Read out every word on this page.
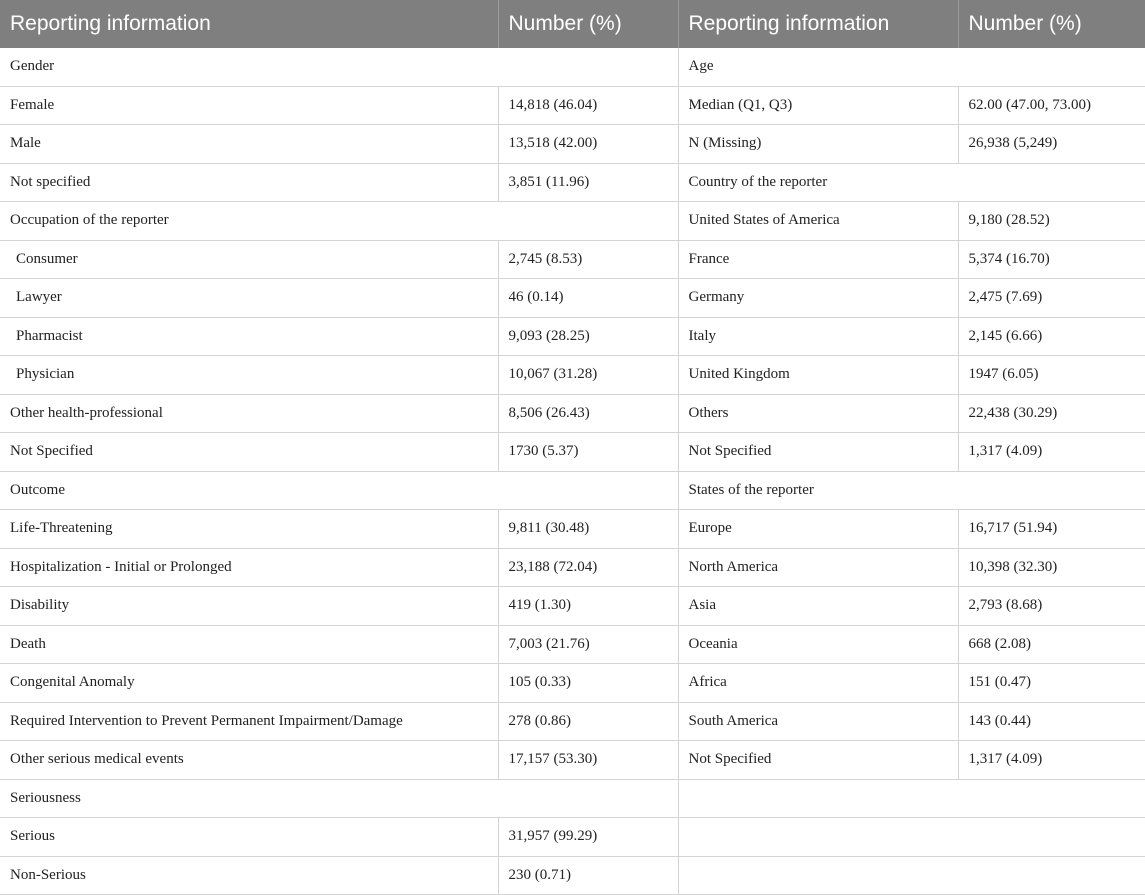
Reporting information	Number (%)	Reporting information	Number (%)
Gender		Age	
Female	14,818 (46.04)	Median (Q1, Q3)	62.00 (47.00, 73.00)
Male	13,518 (42.00)	N (Missing)	26,938 (5,249)
Not specified	3,851 (11.96)	Country of the reporter	
Occupation of the reporter		United States of America	9,180 (28.52)
Consumer	2,745 (8.53)	France	5,374 (16.70)
Lawyer	46 (0.14)	Germany	2,475 (7.69)
Pharmacist	9,093 (28.25)	Italy	2,145 (6.66)
Physician	10,067 (31.28)	United Kingdom	1947 (6.05)
Other health-professional	8,506 (26.43)	Others	22,438 (30.29)
Not Specified	1730 (5.37)	Not Specified	1,317 (4.09)
Outcome		States of the reporter	
Life-Threatening	9,811 (30.48)	Europe	16,717 (51.94)
Hospitalization - Initial or Prolonged	23,188 (72.04)	North America	10,398 (32.30)
Disability	419 (1.30)	Asia	2,793 (8.68)
Death	7,003 (21.76)	Oceania	668 (2.08)
Congenital Anomaly	105 (0.33)	Africa	151 (0.47)
Required Intervention to Prevent Permanent Impairment/Damage	278 (0.86)	South America	143 (0.44)
Other serious medical events	17,157 (53.30)	Not Specified	1,317 (4.09)
Seriousness			
Serious	31,957 (99.29)		
Non-Serious	230 (0.71)		
